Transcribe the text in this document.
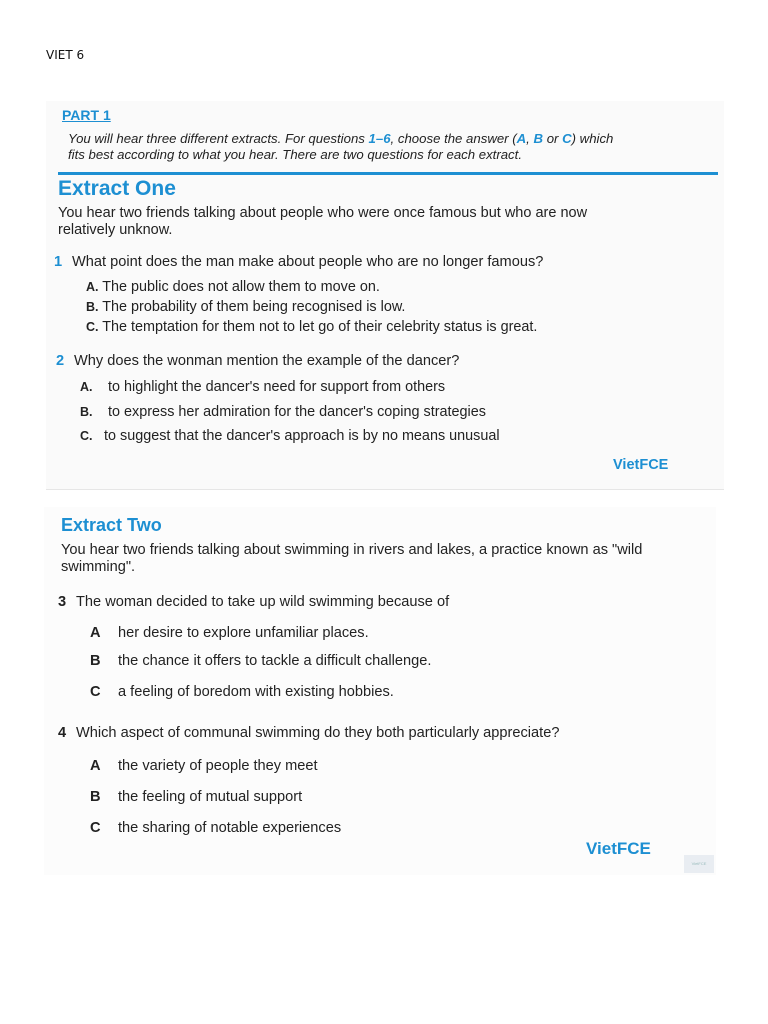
VIET 6
PART 1
You will hear three different extracts. For questions 1–6, choose the answer (A, B or C) which
fits best according to what you hear. There are two questions for each extract.
Extract One
You hear two friends talking about people who were once famous but who are now
relatively unknow.
1 What point does the man make about people who are no longer famous?
A. The public does not allow them to move on.
B. The probability of them being recognised is low.
C. The temptation for them not to let go of their celebrity status is great.
2 Why does the wonman mention the example of the dancer?
A. to highlight the dancer's need for support from others
B. to express her admiration for the dancer's coping strategies
C. to suggest that the dancer's approach is by no means unusual
VietFCE
Extract Two
You hear two friends talking about swimming in rivers and lakes, a practice known as "wild
swimming".
3 The woman decided to take up wild swimming because of
A her desire to explore unfamiliar places.
B the chance it offers to tackle a difficult challenge.
C a feeling of boredom with existing hobbies.
4 Which aspect of communal swimming do they both particularly appreciate?
A the variety of people they meet
B the feeling of mutual support
C the sharing of notable experiences
VietFCE
VietFCE
